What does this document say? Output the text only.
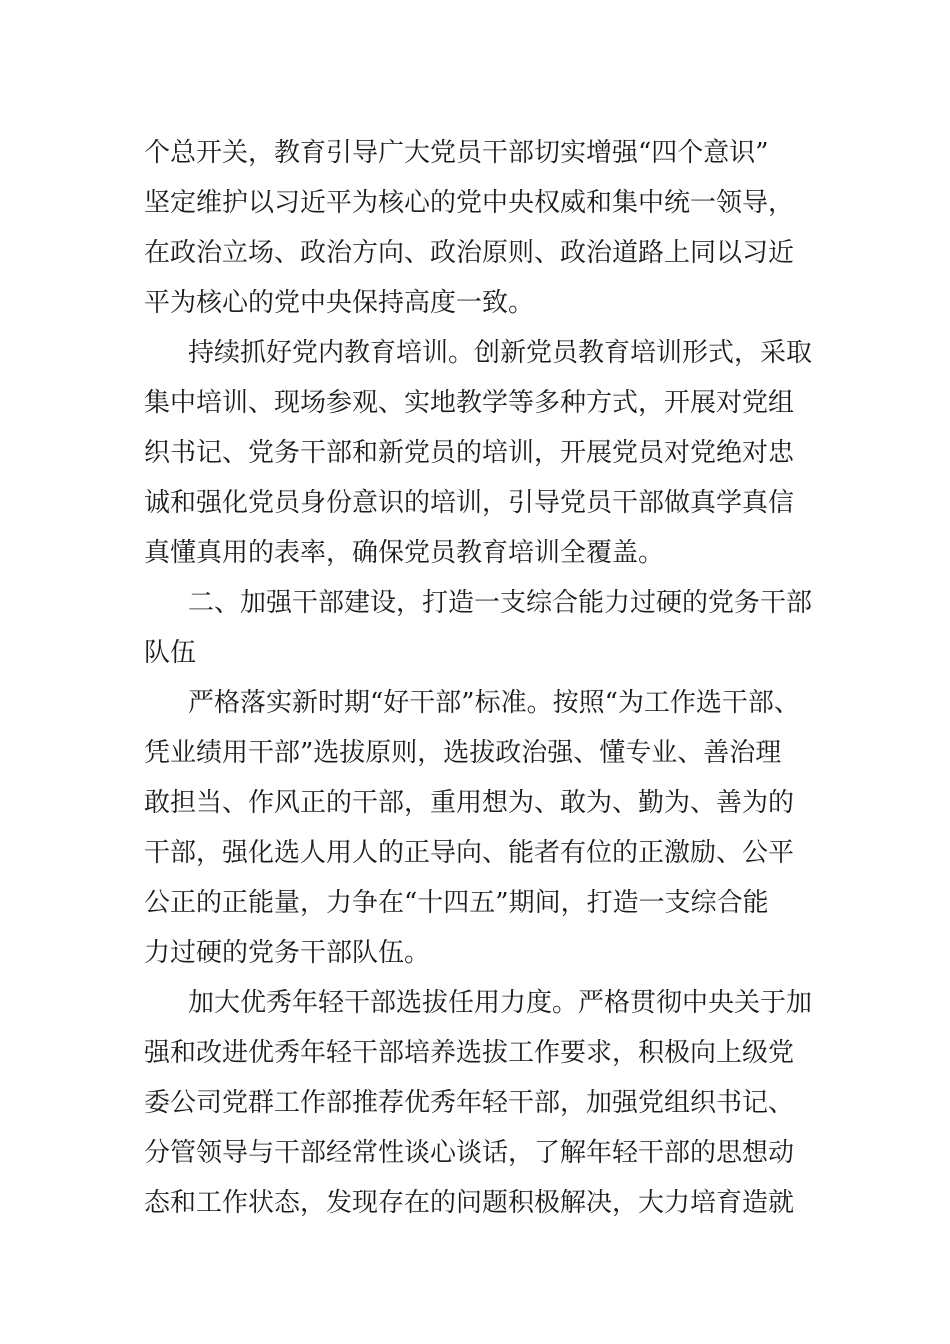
个总开关，教育引导广大党员干部切实增强“四个意识”
坚定维护以习近平为核心的党中央权威和集中统一领导，
在政治立场、政治方向、政治原则、政治道路上同以习近
平为核心的党中央保持高度一致。
持续抓好党内教育培训。创新党员教育培训形式，采取
集中培训、现场参观、实地教学等多种方式，开展对党组
织书记、党务干部和新党员的培训，开展党员对党绝对忠
诚和强化党员身份意识的培训，引导党员干部做真学真信
真懂真用的表率，确保党员教育培训全覆盖。
二、加强干部建设，打造一支综合能力过硬的党务干部
队伍
严格落实新时期“好干部”标准。按照“为工作选干部、
凭业绩用干部”选拔原则，选拔政治强、懂专业、善治理
敢担当、作风正的干部，重用想为、敢为、勤为、善为的
干部，强化选人用人的正导向、能者有位的正激励、公平
公正的正能量，力争在“十四五”期间，打造一支综合能
力过硬的党务干部队伍。
加大优秀年轻干部选拔任用力度。严格贯彻中央关于加
强和改进优秀年轻干部培养选拔工作要求，积极向上级党
委公司党群工作部推荐优秀年轻干部，加强党组织书记、
分管领导与干部经常性谈心谈话，了解年轻干部的思想动
态和工作状态，发现存在的问题积极解决，大力培育造就
